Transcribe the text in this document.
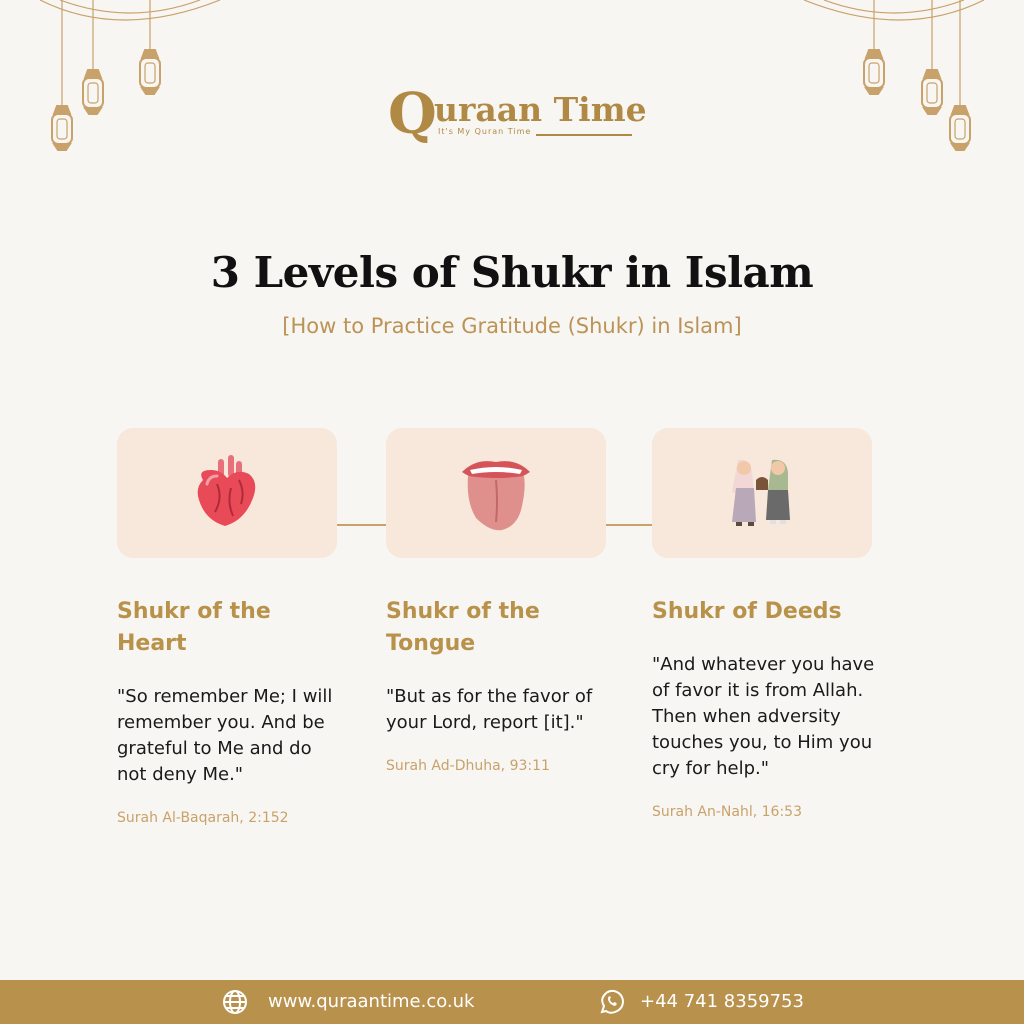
Q
uraan Time
It's My Quran Time
3 Levels of Shukr in Islam
[How to Practice Gratitude (Shukr) in Islam]
Shukr of the Heart
"So remember Me; I will remember you. And be grateful to Me and do not deny Me."
Surah Al-Baqarah, 2:152
Shukr of the Tongue
"But as for the favor of your Lord, report [it]."
Surah Ad-Dhuha, 93:11
Shukr of Deeds
"And whatever you have of favor it is from Allah. Then when adversity touches you, to Him you cry for help."
Surah An-Nahl, 16:53
www.quraantime.co.uk	+44 741 8359753
